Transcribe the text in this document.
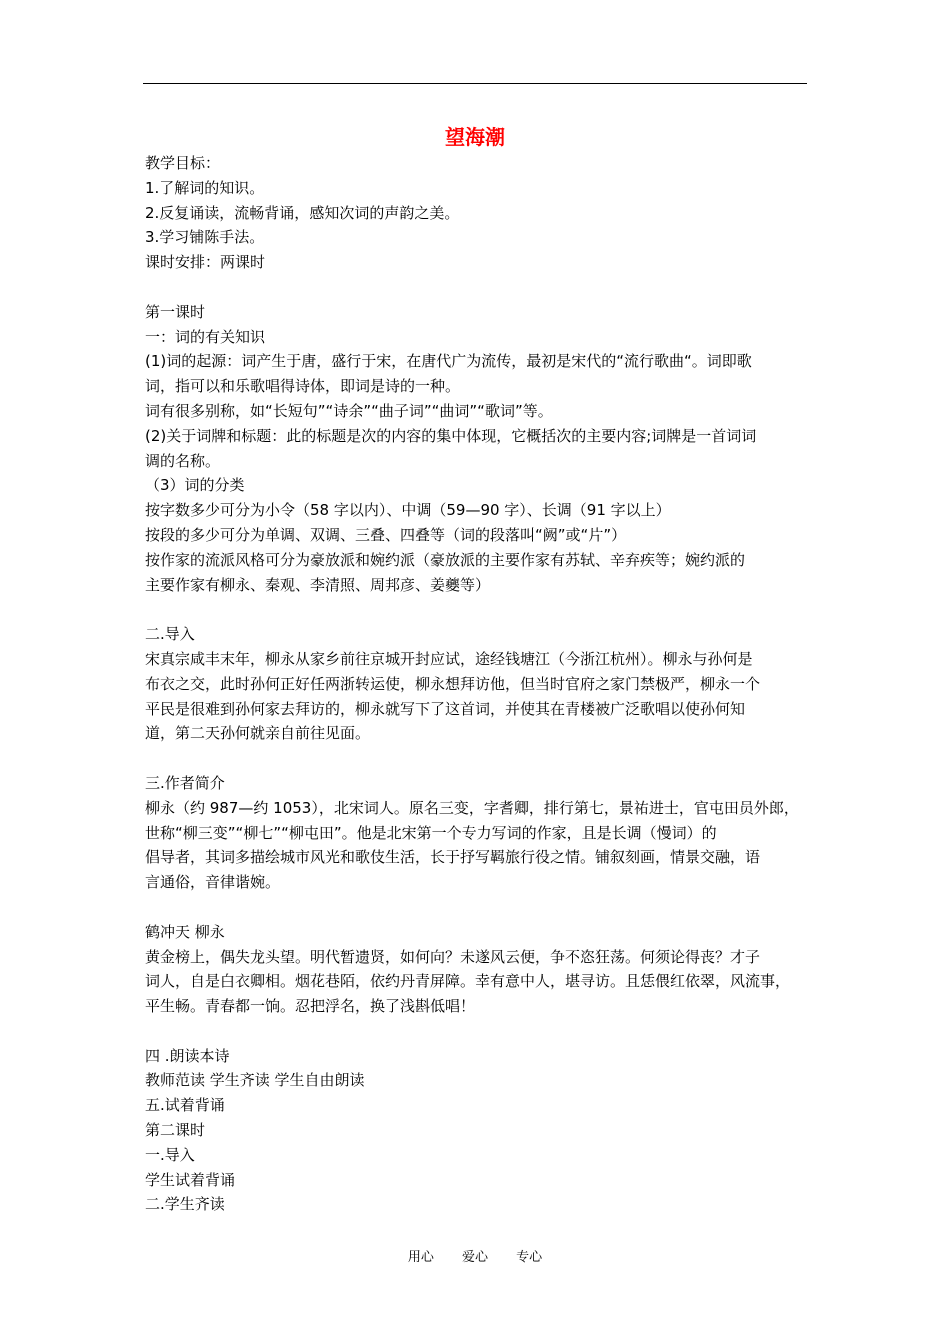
望海潮
教学目标：
1.了解词的知识。
2.反复诵读，流畅背诵，感知次词的声韵之美。
3.学习铺陈手法。
课时安排：两课时
第一课时
一：词的有关知识
(1)词的起源：词产生于唐，盛行于宋，在唐代广为流传，最初是宋代的“流行歌曲“。词即歌
词，指可以和乐歌唱得诗体，即词是诗的一种。
词有很多别称，如“长短句”“诗余”“曲子词”“曲词”“歌词”等。
(2)关于词牌和标题：此的标题是次的内容的集中体现，它概括次的主要内容;词牌是一首词词
调的名称。
（3）词的分类
按字数多少可分为小令（58 字以内）、中调（59—90 字）、长调（91 字以上）
按段的多少可分为单调、双调、三叠、四叠等（词的段落叫“阙”或“片”）
按作家的流派风格可分为豪放派和婉约派（豪放派的主要作家有苏轼、辛弃疾等；婉约派的
主要作家有柳永、秦观、李清照、周邦彦、姜夔等）
二.导入
宋真宗咸丰末年，柳永从家乡前往京城开封应试，途经钱塘江（今浙江杭州）。柳永与孙何是
布衣之交，此时孙何正好任两浙转运使，柳永想拜访他，但当时官府之家门禁极严，柳永一个
平民是很难到孙何家去拜访的，柳永就写下了这首词，并使其在青楼被广泛歌唱以使孙何知
道，第二天孙何就亲自前往见面。
三.作者简介
柳永（约 987—约 1053），北宋词人。原名三变，字耆卿，排行第七，景祐进士，官屯田员外郎，
世称“柳三变”“柳七”“柳屯田”。他是北宋第一个专力写词的作家，且是长调（慢词）的
倡导者，其词多描绘城市风光和歌伎生活，长于抒写羁旅行役之情。铺叙刻画，情景交融，语
言通俗，音律谐婉。
鹤冲天 柳永
黄金榜上，偶失龙头望。明代暂遗贤，如何向？未遂风云便，争不恣狂荡。何须论得丧？才子
词人，自是白衣卿相。烟花巷陌，依约丹青屏障。幸有意中人，堪寻访。且恁偎红依翠，风流事，
平生畅。青春都一饷。忍把浮名，换了浅斟低唱！
四 .朗读本诗
教师范读 学生齐读 学生自由朗读
五.试着背诵
第二课时
一.导入
学生试着背诵
二.学生齐读
用心 爱心 专心
